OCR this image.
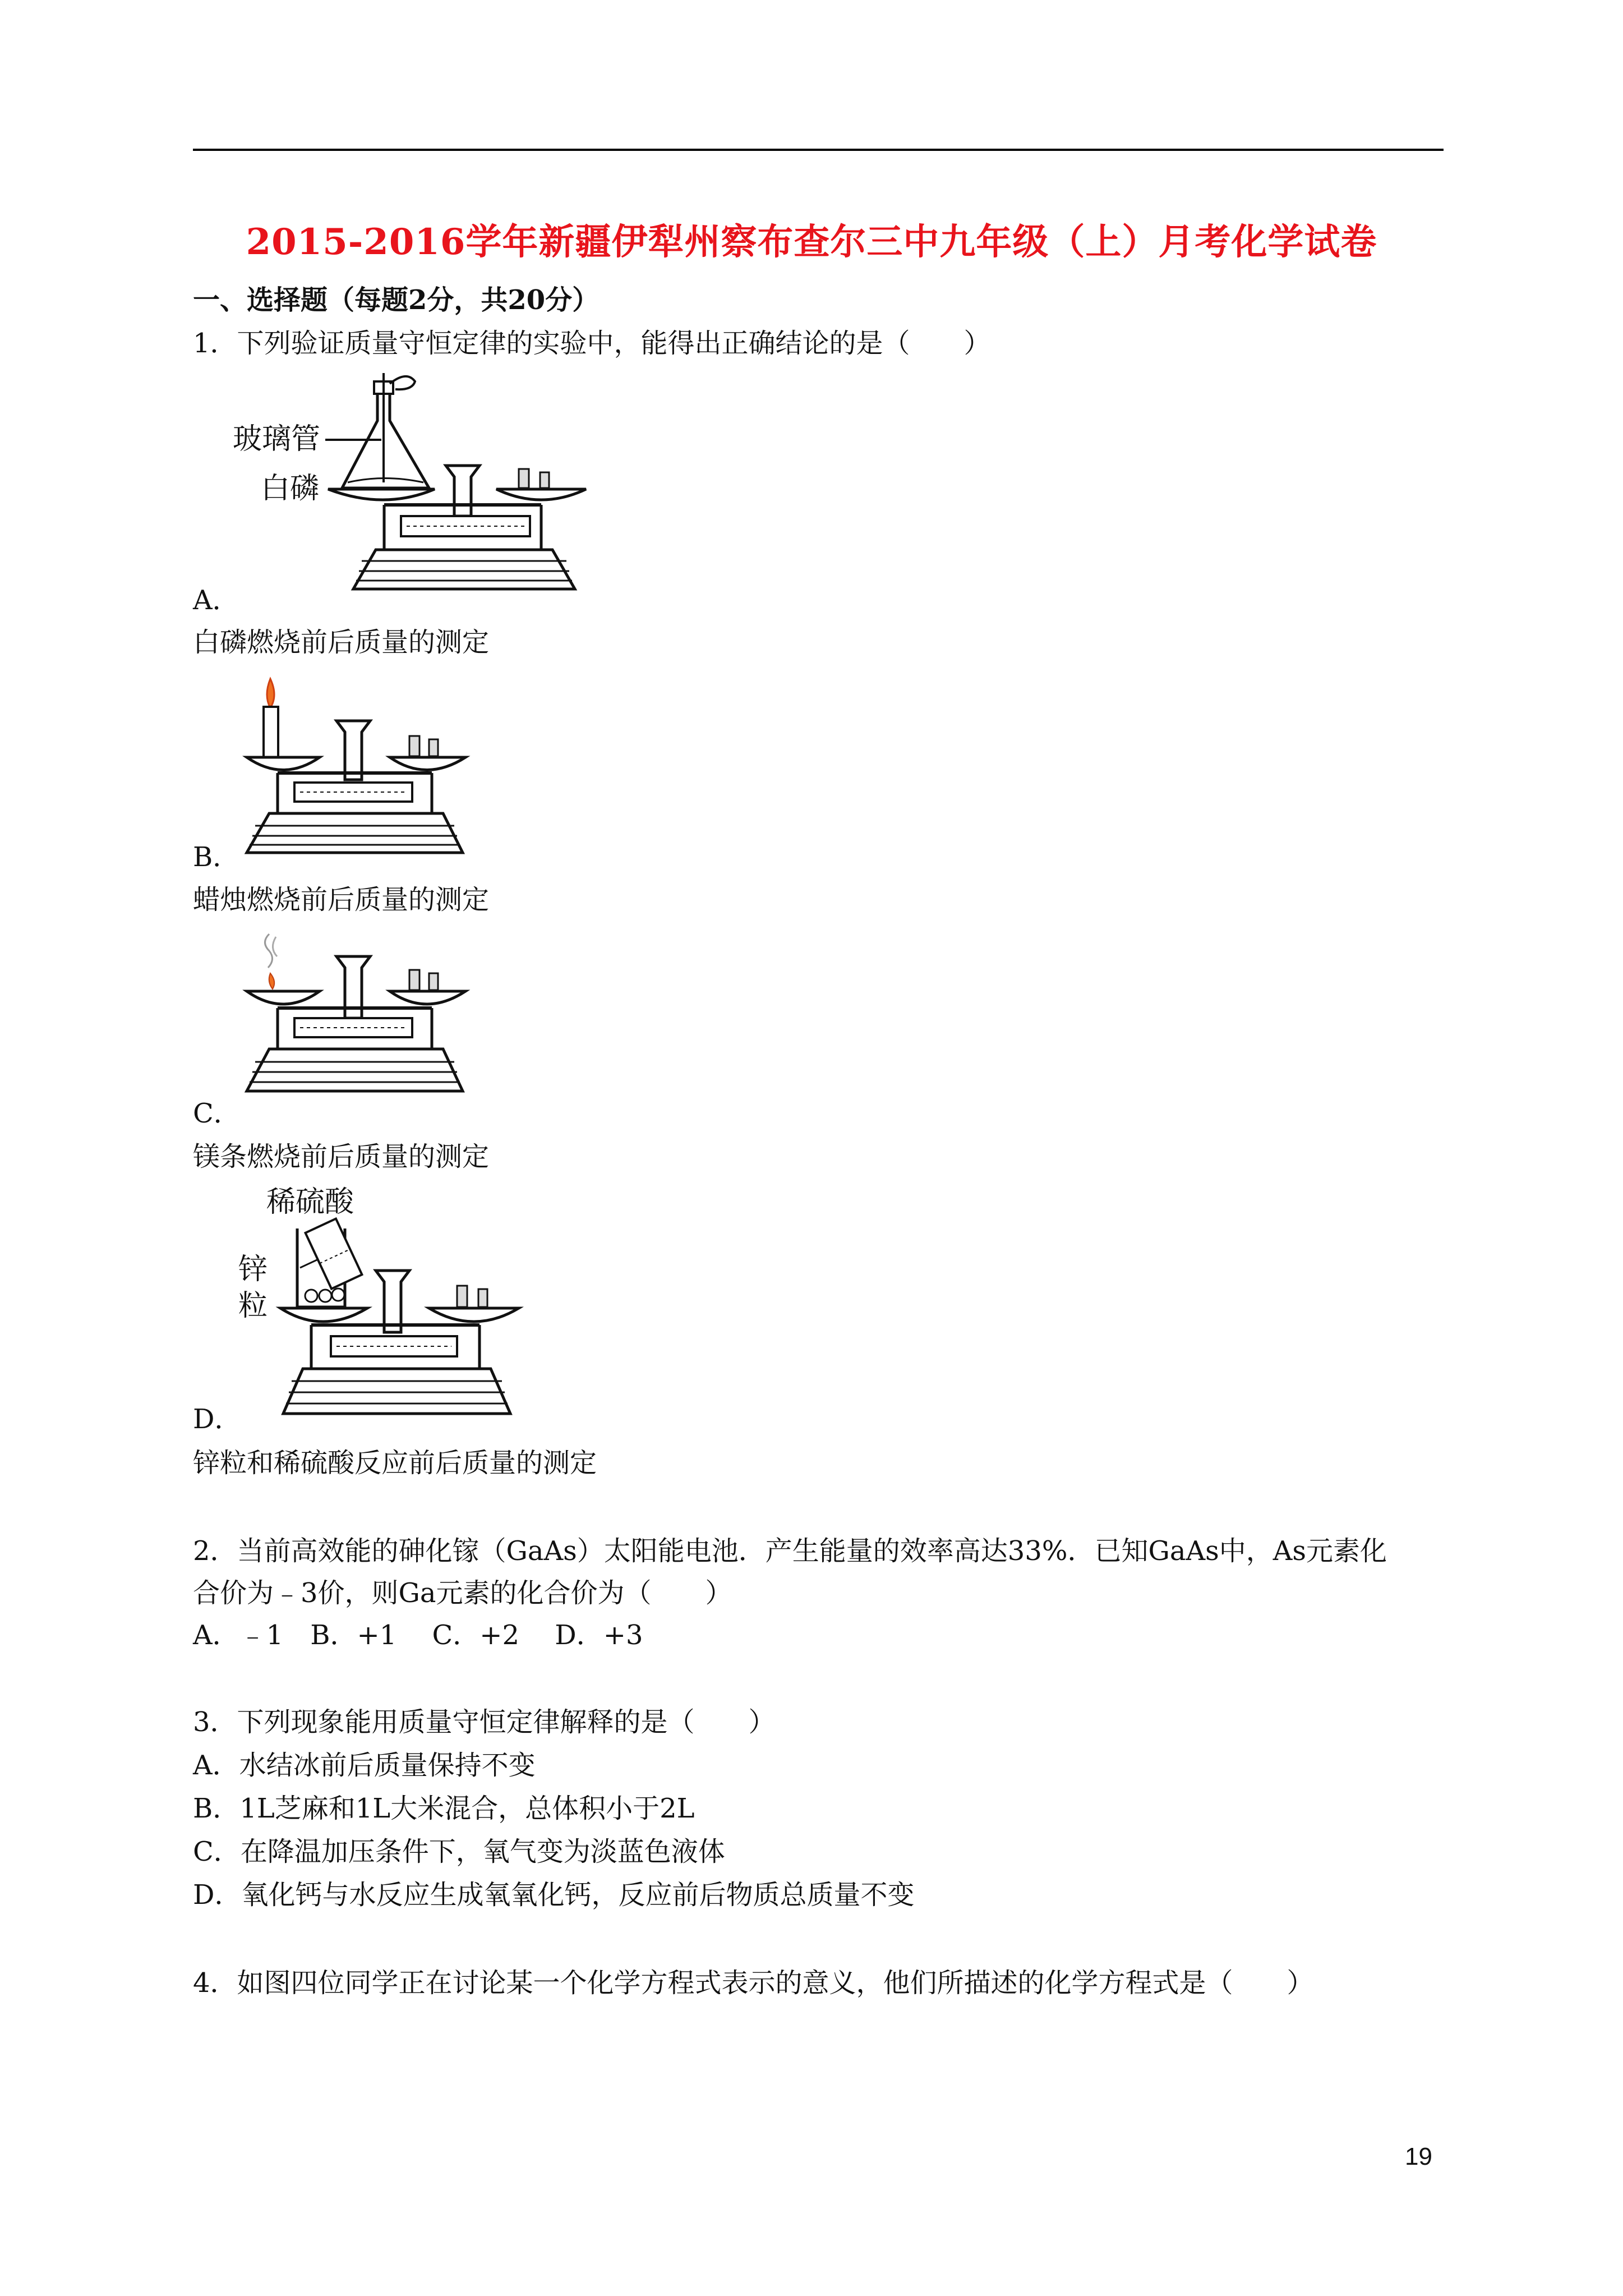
2015-2016学年新疆伊犁州察布查尔三中九年级（上）月考化学试卷
一、选择题（每题2分，共20分）
1．下列验证质量守恒定律的实验中，能得出正确结论的是（　　）
玻璃管
白磷
A．
白磷燃烧前后质量的测定
B．
蜡烛燃烧前后质量的测定
C．
镁条燃烧前后质量的测定
稀硫酸
锌
粒
D．
锌粒和稀硫酸反应前后质量的测定
2．当前高效能的砷化镓（GaAs）太阳能电池．产生能量的效率高达33%．已知GaAs中，As元素化
合价为﹣3价，则Ga元素的化合价为（　　）
A．﹣1　B．+1　 C．+2　 D．+3
3．下列现象能用质量守恒定律解释的是（　　）
A．水结冰前后质量保持不变
B．1L芝麻和1L大米混合，总体积小于2L
C．在降温加压条件下，氧气变为淡蓝色液体
D．氧化钙与水反应生成氧氧化钙，反应前后物质总质量不变
4．如图四位同学正在讨论某一个化学方程式表示的意义，他们所描述的化学方程式是（　　）
19
